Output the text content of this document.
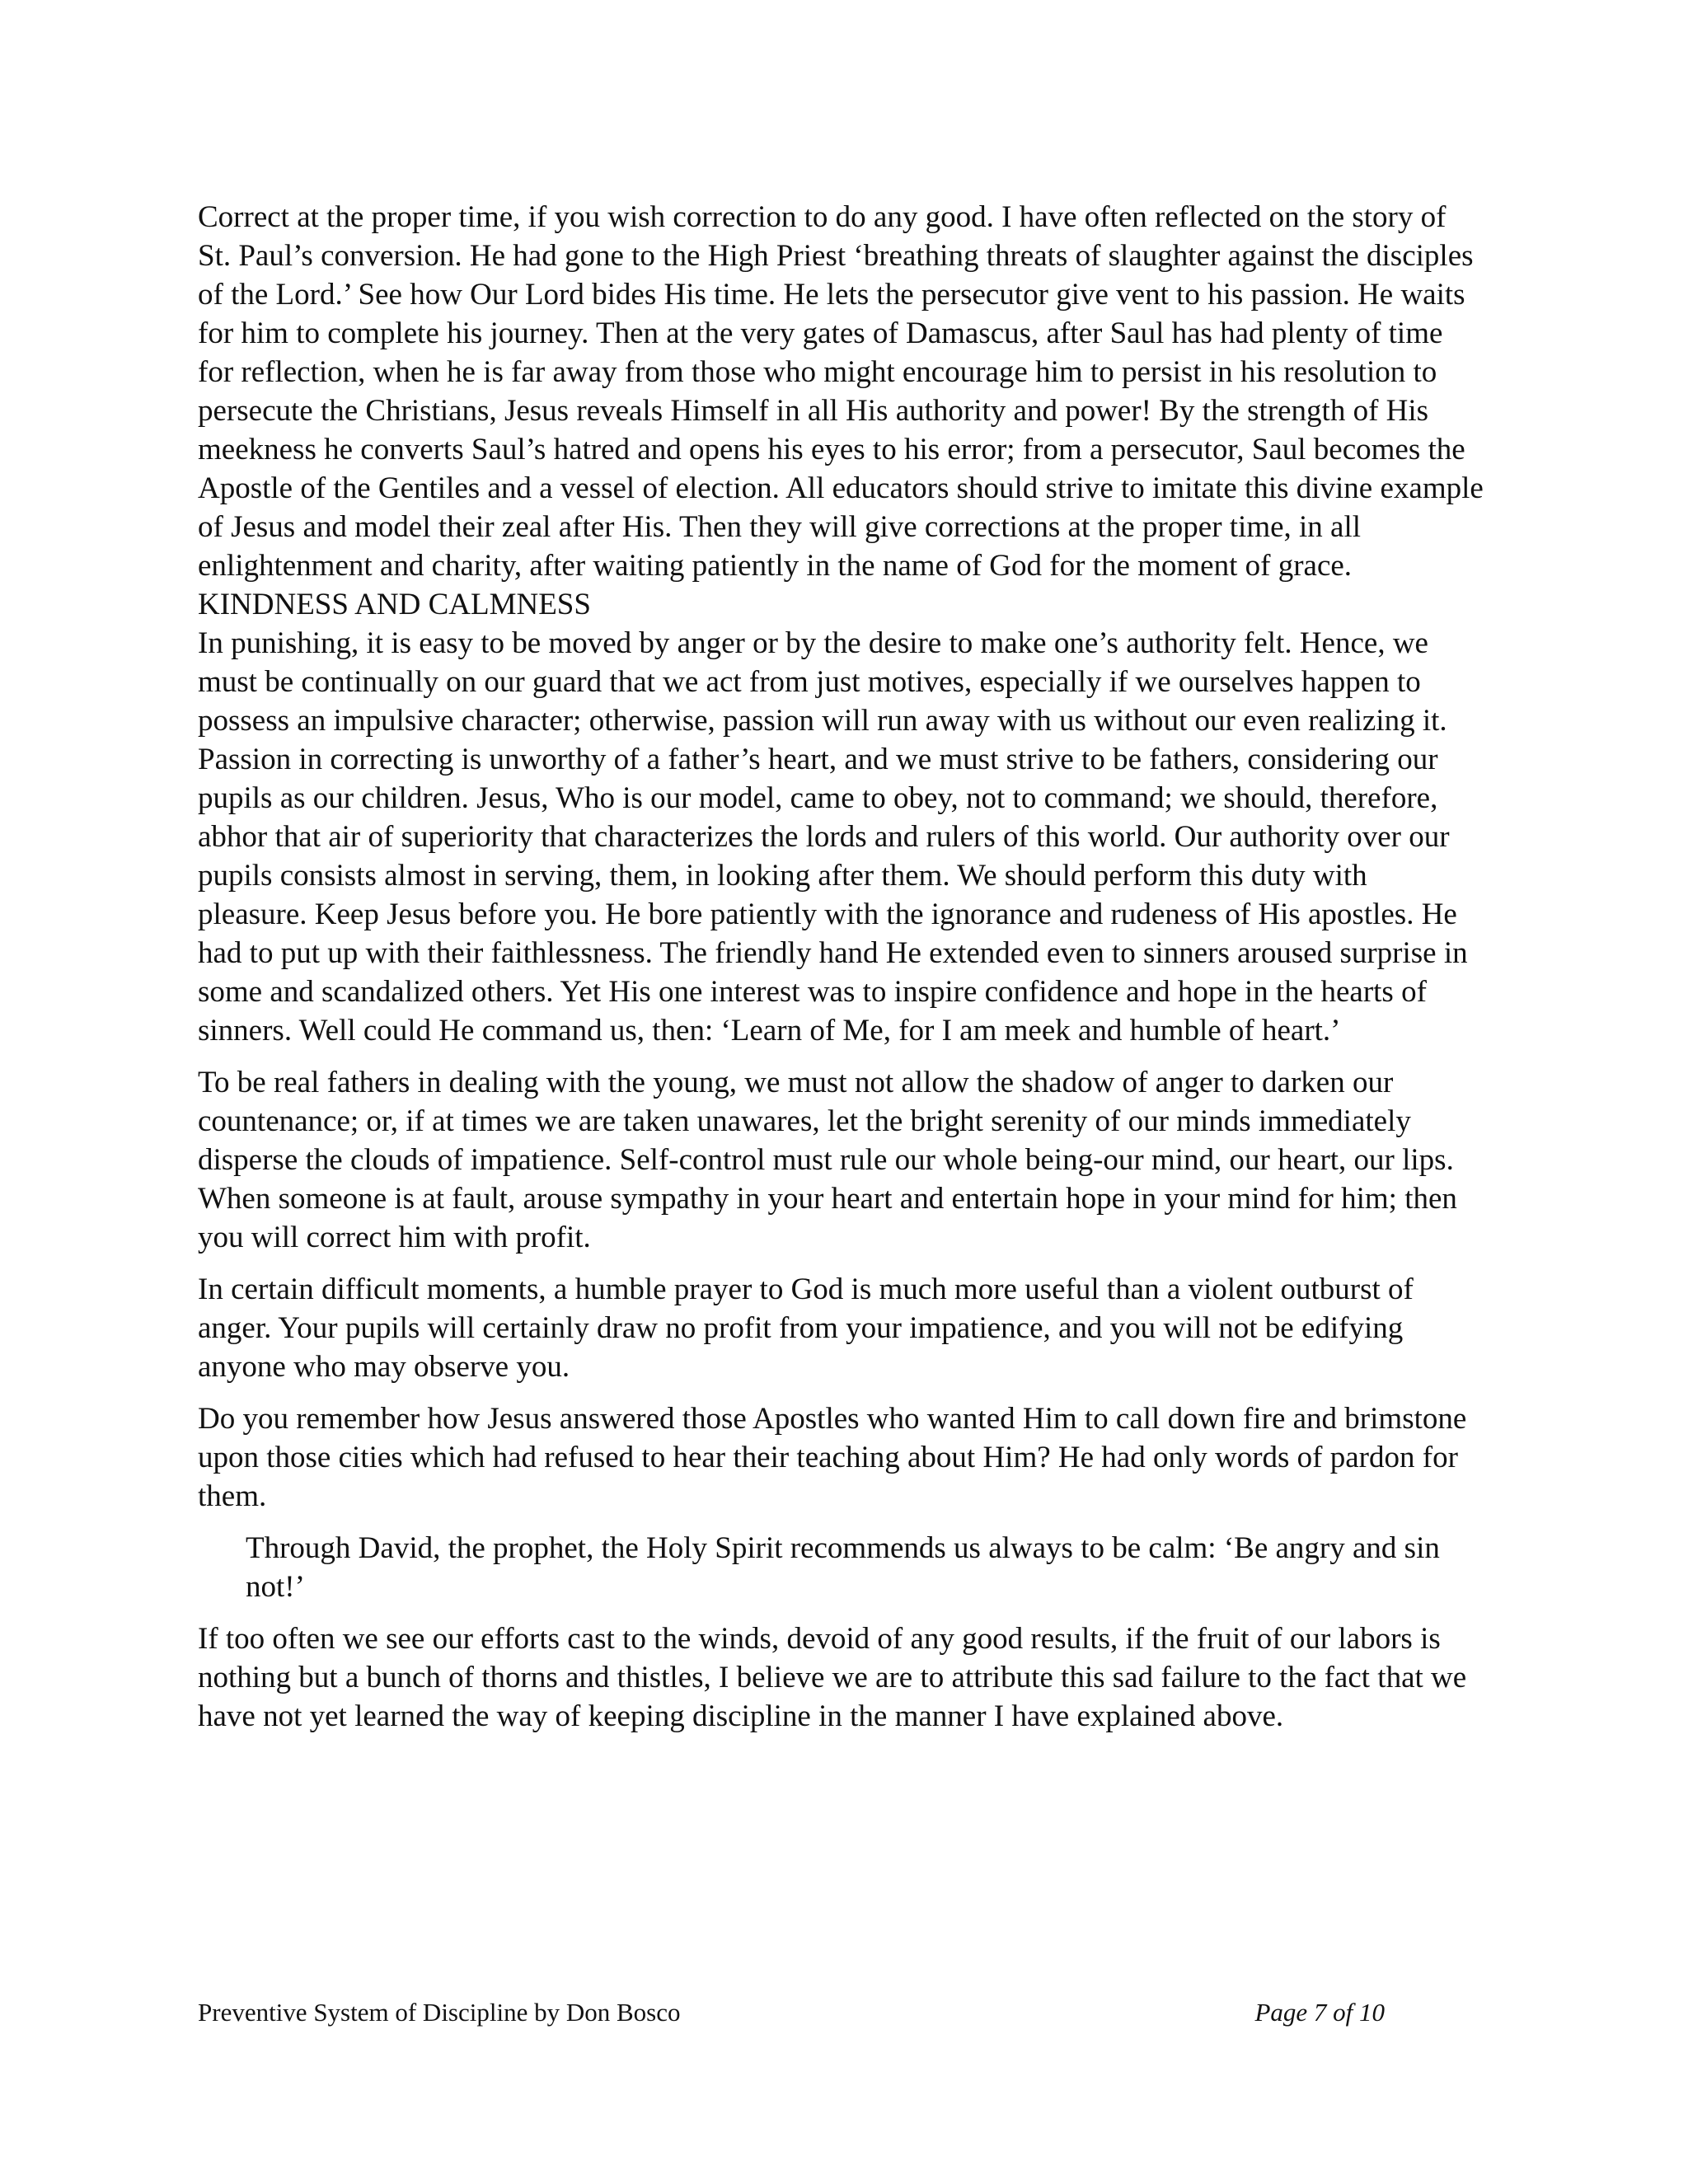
Correct at the proper time, if you wish correction to do any good. I have often reflected on the story of St. Paul’s conversion. He had gone to the High Priest ‘breathing threats of slaughter against the disciples of the Lord.’ See how Our Lord bides His time. He lets the persecutor give vent to his passion. He waits for him to complete his journey. Then at the very gates of Damascus, after Saul has had plenty of time for reflection, when he is far away from those who might encourage him to persist in his resolution to persecute the Christians, Jesus reveals Himself in all His authority and power! By the strength of His meekness he converts Saul’s hatred and opens his eyes to his error; from a persecutor, Saul becomes the Apostle of the Gentiles and a vessel of election. All educators should strive to imitate this divine example of Jesus and model their zeal after His. Then they will give corrections at the proper time, in all enlightenment and charity, after waiting patiently in the name of God for the moment of grace.

KINDNESS AND CALMNESS

In punishing, it is easy to be moved by anger or by the desire to make one’s authority felt. Hence, we must be continually on our guard that we act from just motives, especially if we ourselves happen to possess an impulsive character; otherwise, passion will run away with us without our even realizing it. Passion in correcting is unworthy of a father’s heart, and we must strive to be fathers, considering our pupils as our children. Jesus, Who is our model, came to obey, not to command; we should, therefore, abhor that air of superiority that characterizes the lords and rulers of this world. Our authority over our pupils consists almost in serving, them, in looking after them. We should perform this duty with pleasure. Keep Jesus before you. He bore patiently with the ignorance and rudeness of His apostles. He had to put up with their faithlessness. The friendly hand He extended even to sinners aroused surprise in some and scandalized others. Yet His one interest was to inspire confidence and hope in the hearts of sinners. Well could He command us, then: ‘Learn of Me, for I am meek and humble of heart.’

To be real fathers in dealing with the young, we must not allow the shadow of anger to darken our countenance; or, if at times we are taken unawares, let the bright serenity of our minds immediately disperse the clouds of impatience. Self-control must rule our whole being-our mind, our heart, our lips. When someone is at fault, arouse sympathy in your heart and entertain hope in your mind for him; then you will correct him with profit.

In certain difficult moments, a humble prayer to God is much more useful than a violent outburst of anger. Your pupils will certainly draw no profit from your impatience, and you will not be edifying anyone who may observe you.

Do you remember how Jesus answered those Apostles who wanted Him to call down fire and brimstone upon those cities which had refused to hear their teaching about Him? He had only words of pardon for them.

Through David, the prophet, the Holy Spirit recommends us always to be calm: ‘Be angry and sin not!’

If too often we see our efforts cast to the winds, devoid of any good results, if the fruit of our labors is nothing but a bunch of thorns and thistles, I believe we are to attribute this sad failure to the fact that we have not yet learned the way of keeping discipline in the manner I have explained above.

Preventive System of Discipline by Don Bosco	Page 7 of 10
